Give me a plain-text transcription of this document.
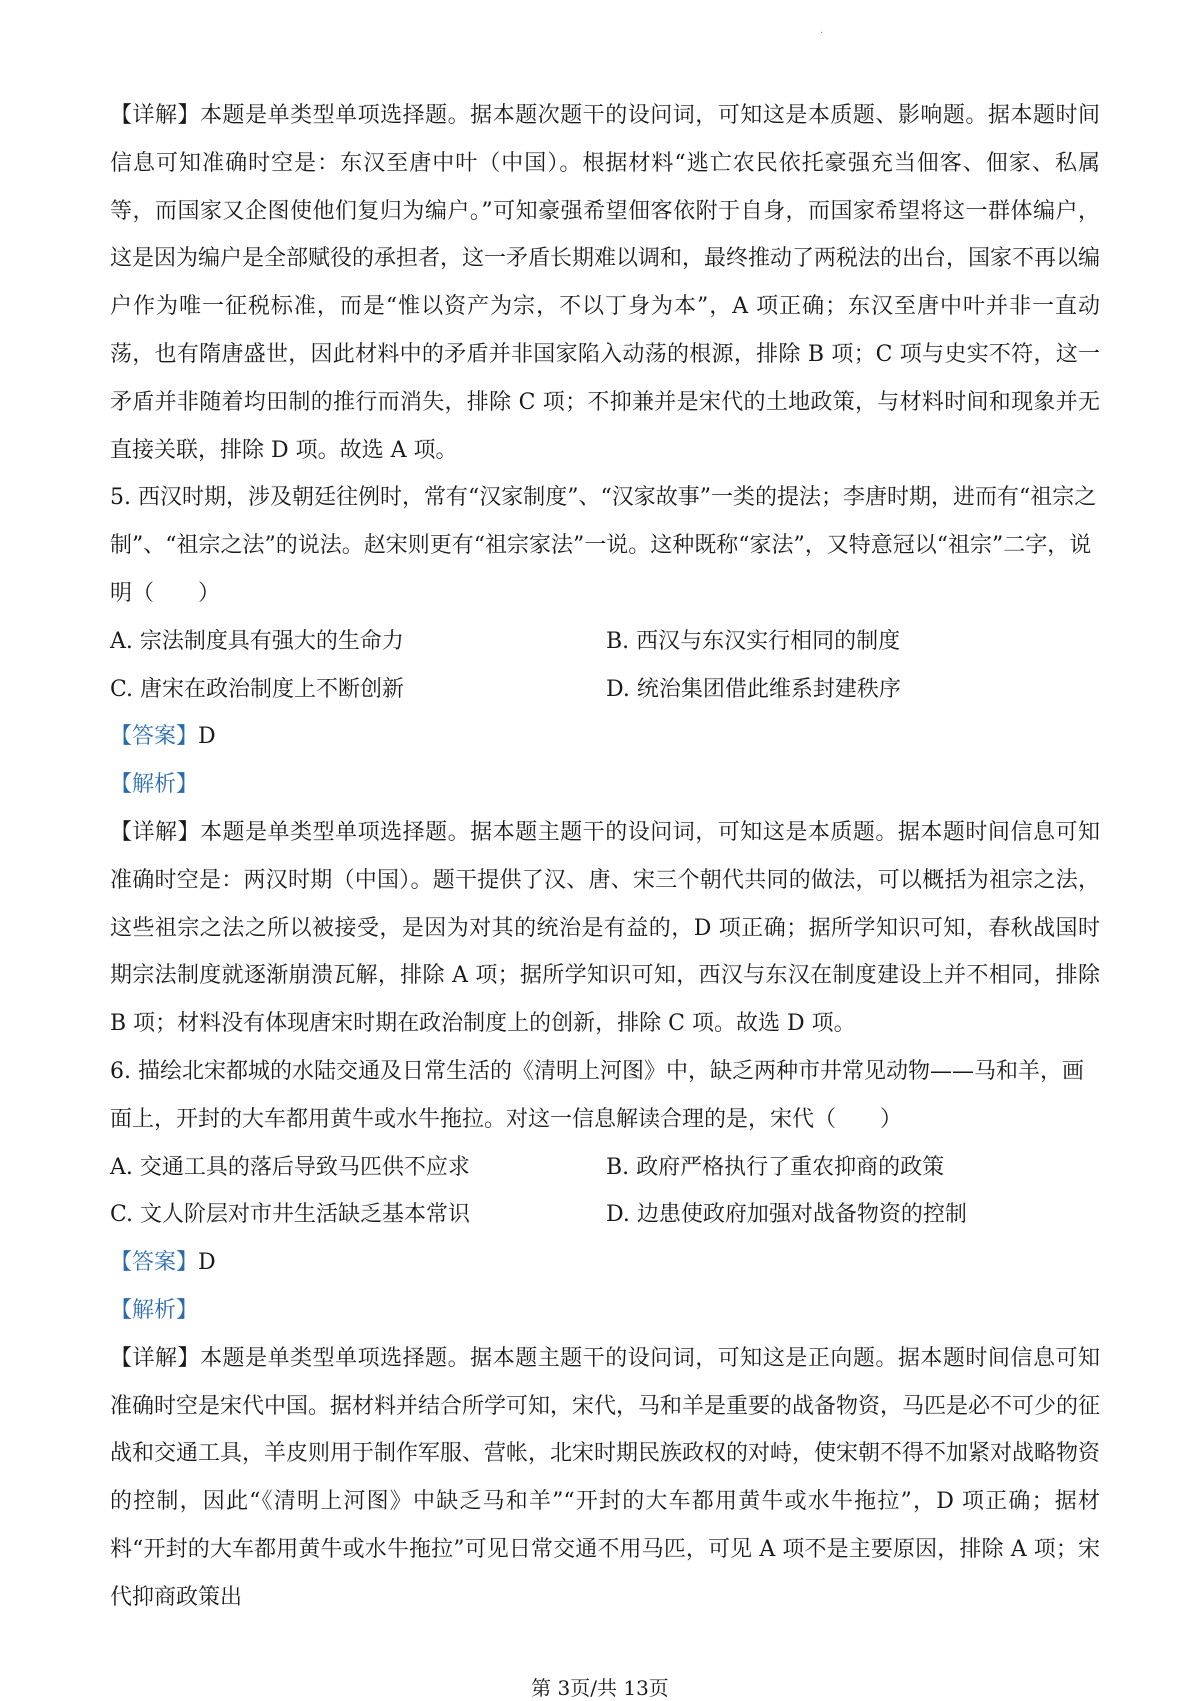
·

【详解】本题是单类型单项选择题。据本题次题干的设问词，可知这是本质题、影响题。据本题时间信息可知准确时空是：东汉至唐中叶（中国）。根据材料“逃亡农民依托豪强充当佃客、佃家、私属等，而国家又企图使他们复归为编户。”可知豪强希望佃客依附于自身，而国家希望将这一群体编户，这是因为编户是全部赋役的承担者，这一矛盾长期难以调和，最终推动了两税法的出台，国家不再以编户作为唯一征税标准，而是“惟以资产为宗，不以丁身为本”，A 项正确；东汉至唐中叶并非一直动荡，也有隋唐盛世，因此材料中的矛盾并非国家陷入动荡的根源，排除 B 项；C 项与史实不符，这一矛盾并非随着均田制的推行而消失，排除 C 项；不抑兼并是宋代的土地政策，与材料时间和现象并无直接关联，排除 D 项。故选 A 项。

5. 西汉时期，涉及朝廷往例时，常有“汉家制度”、“汉家故事”一类的提法；李唐时期，进而有“祖宗之制”、“祖宗之法”的说法。赵宋则更有“祖宗家法”一说。这种既称“家法”，又特意冠以“祖宗”二字，说明（　　）

A. 宗法制度具有强大的生命力	B. 西汉与东汉实行相同的制度
C. 唐宋在政治制度上不断创新	D. 统治集团借此维系封建秩序

【答案】D

【解析】

【详解】本题是单类型单项选择题。据本题主题干的设问词，可知这是本质题。据本题时间信息可知准确时空是：两汉时期（中国）。题干提供了汉、唐、宋三个朝代共同的做法，可以概括为祖宗之法，这些祖宗之法之所以被接受，是因为对其的统治是有益的，D 项正确；据所学知识可知，春秋战国时期宗法制度就逐渐崩溃瓦解，排除 A 项；据所学知识可知，西汉与东汉在制度建设上并不相同，排除 B 项；材料没有体现唐宋时期在政治制度上的创新，排除 C 项。故选 D 项。

6. 描绘北宋都城的水陆交通及日常生活的《清明上河图》中，缺乏两种市井常见动物——马和羊，画面上，开封的大车都用黄牛或水牛拖拉。对这一信息解读合理的是，宋代（　　）

A. 交通工具的落后导致马匹供不应求	B. 政府严格执行了重农抑商的政策
C. 文人阶层对市井生活缺乏基本常识	D. 边患使政府加强对战备物资的控制

【答案】D

【解析】

【详解】本题是单类型单项选择题。据本题主题干的设问词，可知这是正向题。据本题时间信息可知准确时空是宋代中国。据材料并结合所学可知，宋代，马和羊是重要的战备物资，马匹是必不可少的征战和交通工具，羊皮则用于制作军服、营帐，北宋时期民族政权的对峙，使宋朝不得不加紧对战略物资的控制，因此“《清明上河图》中缺乏马和羊”“开封的大车都用黄牛或水牛拖拉”，D 项正确；据材料“开封的大车都用黄牛或水牛拖拉”可见日常交通不用马匹，可见 A 项不是主要原因，排除 A 项；宋代抑商政策出

第 3页/共 13页
